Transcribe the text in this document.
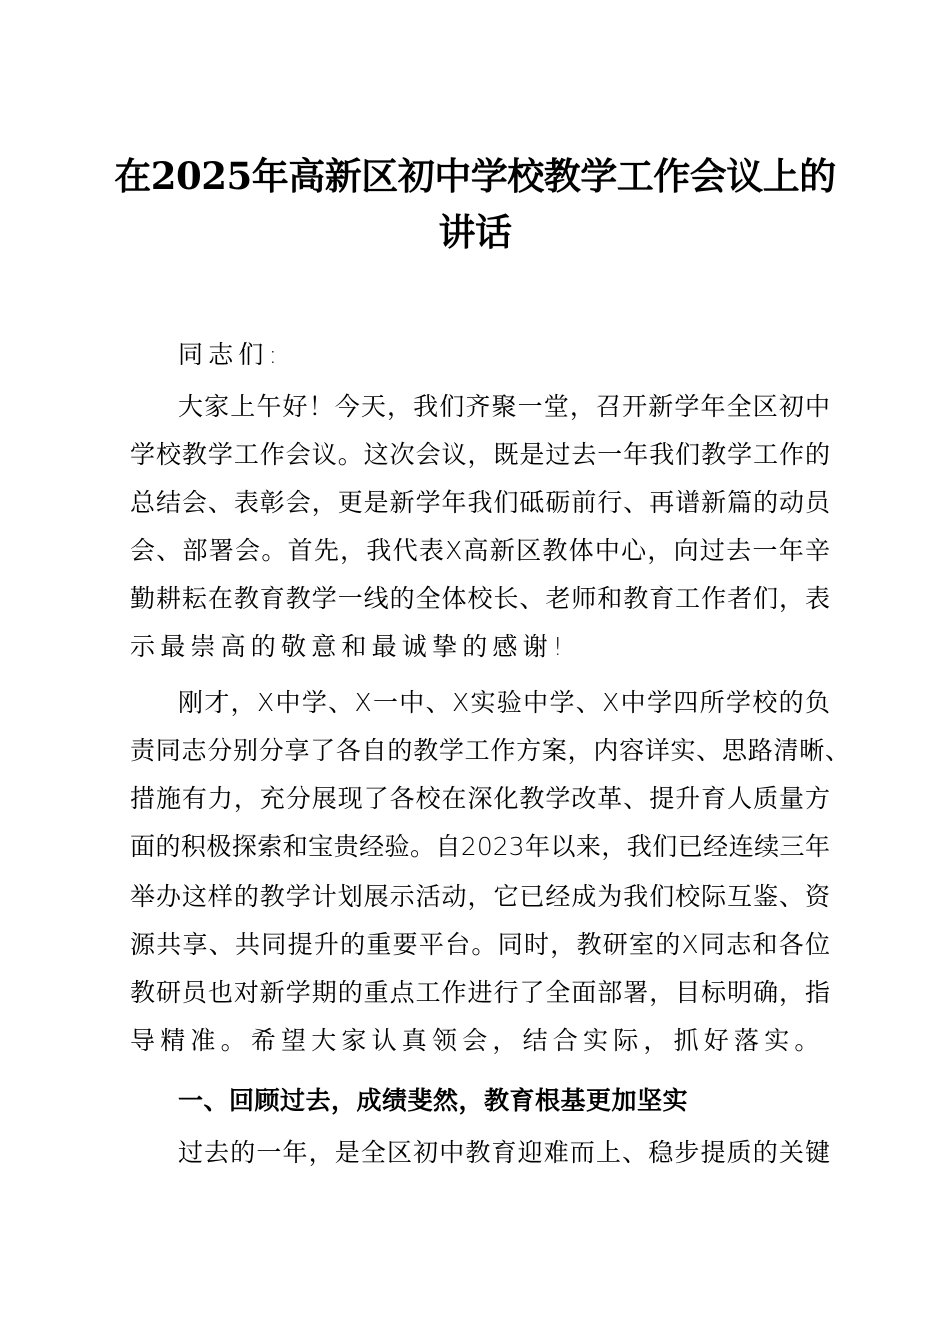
在2025年高新区初中学校教学工作会议上的
讲话
同志们:
大家上午好！今天，我们齐聚一堂，召开新学年全区初中
学校教学工作会议。这次会议，既是过去一年我们教学工作的
总结会、表彰会，更是新学年我们砥砺前行、再谱新篇的动员
会、部署会。首先，我代表X高新区教体中心，向过去一年辛
勤耕耘在教育教学一线的全体校长、老师和教育工作者们，表
示最崇高的敬意和最诚挚的感谢!
刚才，X中学、X一中、X实验中学、X中学四所学校的负
责同志分别分享了各自的教学工作方案，内容详实、思路清晰、
措施有力，充分展现了各校在深化教学改革、提升育人质量方
面的积极探索和宝贵经验。自2023年以来，我们已经连续三年
举办这样的教学计划展示活动，它已经成为我们校际互鉴、资
源共享、共同提升的重要平台。同时，教研室的X同志和各位
教研员也对新学期的重点工作进行了全面部署，目标明确，指
导精准。希望大家认真领会，结合实际，抓好落实。
一、回顾过去，成绩斐然，教育根基更加坚实
过去的一年，是全区初中教育迎难而上、稳步提质的关键
